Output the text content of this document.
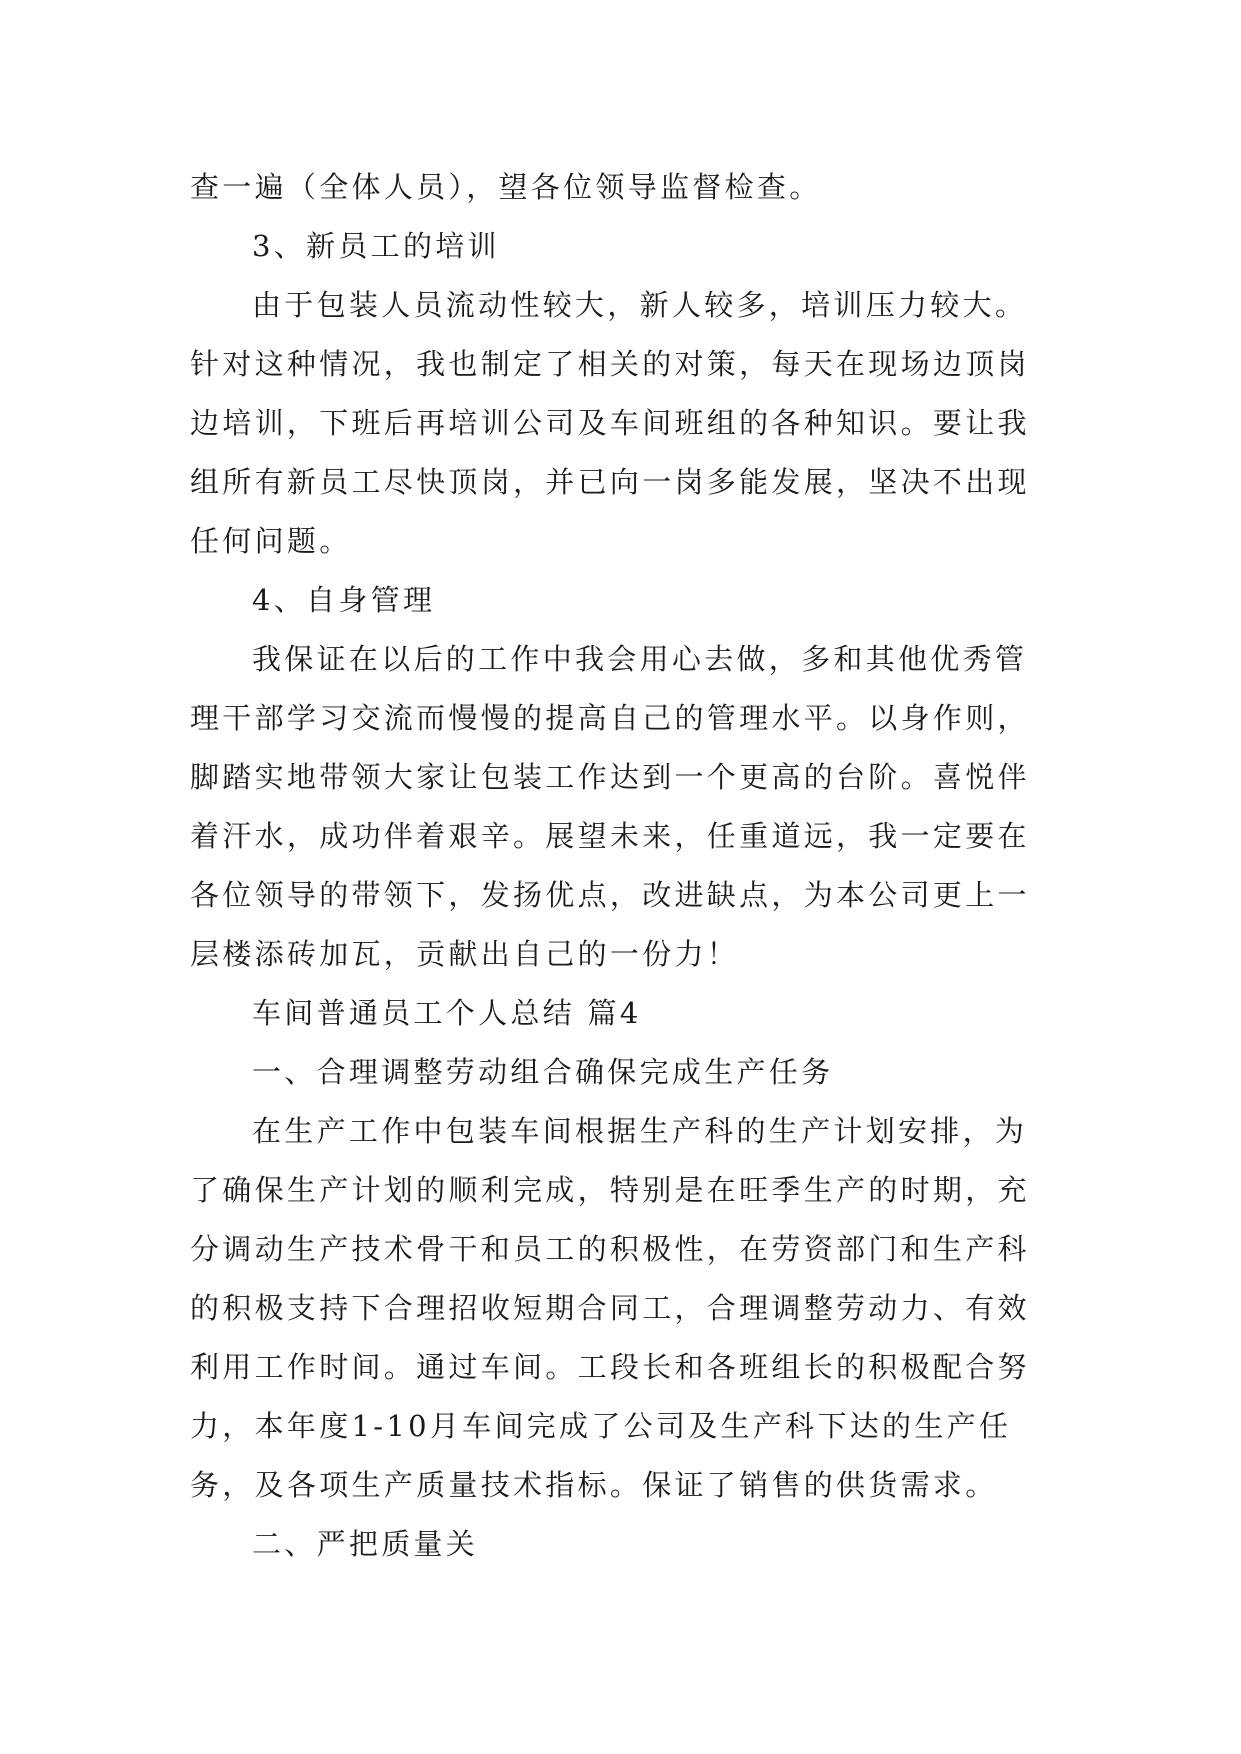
查一遍（全体人员），望各位领导监督检查。
3、新员工的培训
由于包装人员流动性较大，新人较多，培训压力较大。
针对这种情况，我也制定了相关的对策，每天在现场边顶岗
边培训，下班后再培训公司及车间班组的各种知识。要让我
组所有新员工尽快顶岗，并已向一岗多能发展，坚决不出现
任何问题。
4、自身管理
我保证在以后的工作中我会用心去做，多和其他优秀管
理干部学习交流而慢慢的提高自己的管理水平。以身作则，
脚踏实地带领大家让包装工作达到一个更高的台阶。喜悦伴
着汗水，成功伴着艰辛。展望未来，任重道远，我一定要在
各位领导的带领下，发扬优点，改进缺点，为本公司更上一
层楼添砖加瓦，贡献出自己的一份力！
车间普通员工个人总结 篇4
一、合理调整劳动组合确保完成生产任务
在生产工作中包装车间根据生产科的生产计划安排，为
了确保生产计划的顺利完成，特别是在旺季生产的时期，充
分调动生产技术骨干和员工的积极性，在劳资部门和生产科
的积极支持下合理招收短期合同工，合理调整劳动力、有效
利用工作时间。通过车间。工段长和各班组长的积极配合努
力，本年度1-10月车间完成了公司及生产科下达的生产任
务，及各项生产质量技术指标。保证了销售的供货需求。
二、严把质量关
